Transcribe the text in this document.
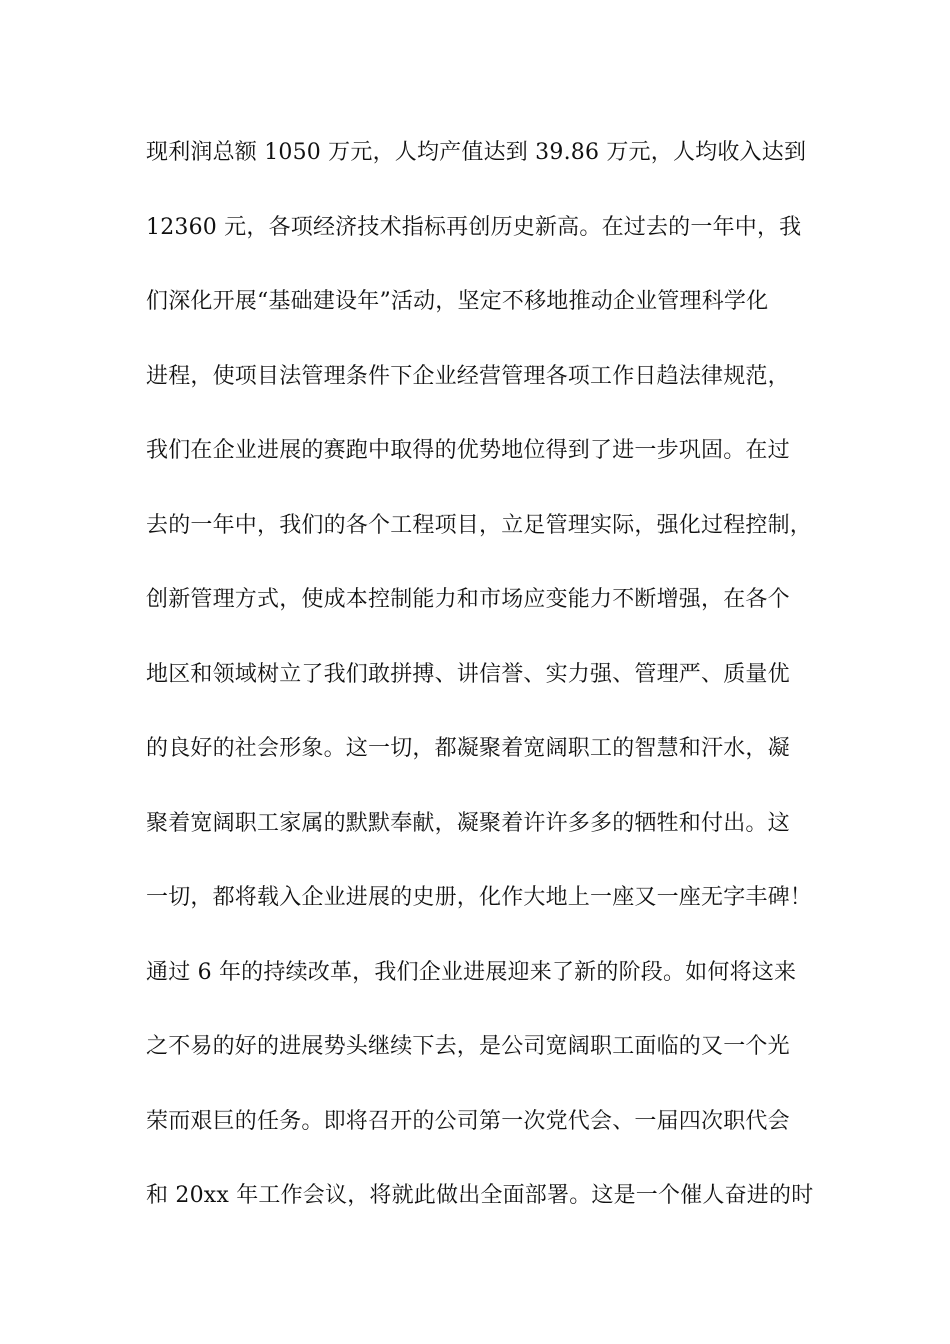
现利润总额 1050 万元，人均产值达到 39.86 万元，人均收入达到
12360 元，各项经济技术指标再创历史新高。在过去的一年中，我
们深化开展“基础建设年”活动，坚定不移地推动企业管理科学化
进程，使项目法管理条件下企业经营管理各项工作日趋法律规范，
我们在企业进展的赛跑中取得的优势地位得到了进一步巩固。在过
去的一年中，我们的各个工程项目，立足管理实际，强化过程控制，
创新管理方式，使成本控制能力和市场应变能力不断增强，在各个
地区和领域树立了我们敢拼搏、讲信誉、实力强、管理严、质量优
的良好的社会形象。这一切，都凝聚着宽阔职工的智慧和汗水，凝
聚着宽阔职工家属的默默奉献，凝聚着许许多多的牺牲和付出。这
一切，都将载入企业进展的史册，化作大地上一座又一座无字丰碑！
通过 6 年的持续改革，我们企业进展迎来了新的阶段。如何将这来
之不易的好的进展势头继续下去，是公司宽阔职工面临的又一个光
荣而艰巨的任务。即将召开的公司第一次党代会、一届四次职代会
和 20xx 年工作会议，将就此做出全面部署。这是一个催人奋进的时
